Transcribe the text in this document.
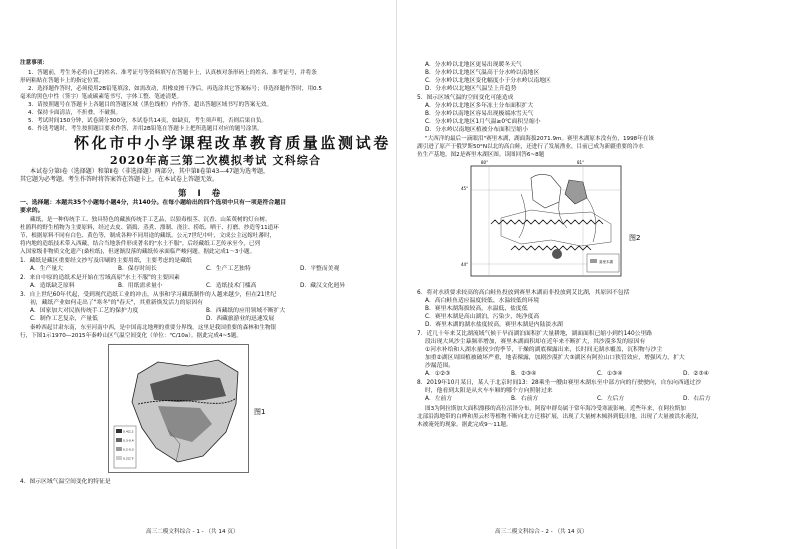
注意事项：
1．答题前，考生务必将自己的姓名、准考证号等资料填写在答题卡上，认真核对条形码上的姓名、准考证号，并将条
形码粘贴在答题卡上的指定位置。
2．选择题作答时，必须使用2B铅笔填涂，如需改动，用橡皮擦干净后，再选涂其它答案标号；非选择题作答时，用0.5
毫米的黑色中性（签字）笔或碳素笔书写，字体工整、笔迹清楚。
3．请按照题号在答题卡上各题目的答题区域（黑色线框）内作答，超出答题区域书写的答案无效。
4．保持卡面清洁，不折叠，不破损。
5．考试时间150分钟，试卷满分300分，本试卷共14页，如缺页，考生须声明，否则后果自负。
6．作选考题时，考生按照题目要求作答，并用2B铅笔在答题卡上把所选题目对应的题号涂黑。
怀化市中小学课程改革教育质量监测试卷
2020年高三第二次模拟考试 文科综合
本试卷分第Ⅰ卷（选择题）和第Ⅱ卷（非选择题）两部分，其中第Ⅱ卷第43—47题为选考题，
其它题为必考题。考生作答时将答案答在答题卡上，在本试卷上答题无效。
第 Ⅰ 卷
一、选择题：本题共35个小题每小题4分，共140分。在每小题给出的四个选项中只有一项是符合题目
要求的。
藏纸，是一种传统手工、独具特色的藏族传统手工艺品，以狼毒根茎、沉香、山茱萸树的灯台树、
杜鹃科的野生植物为主要原料，经过去皮、锅捣、蒸煮、漂制、浇注、捞纸、晒干、打磨、抄造等11道环
节，根据原料不同有白色、黄色等，制成各种不同用途的藏纸。公元7世纪中叶，文成公主远嫁吐蕃时，
将内地的造纸技术带入西藏，结合当地条件形成著名的"水土不服"。后经藏纸工艺传承至今，已列
入国家级非物质文化遗产(桑柱纸)，但逐渐没落的藏纸传承面临严峻问题。据此完成1～3小题。
1．藏纸是藏区重要经文抄写及印刷的主要用纸，主要考虑的是藏纸
A．生产量大	B．保存时间长	C．生产工艺独特	D．平整而美观
2．来自中原的造纸术是开始在雪域高原"水土不服"的主要因素
A．造纸缺乏原料	B．用纸需求量小	C．造纸技术门槛高	D．藏汉文化迥异
3．自上世纪60年代起，受到现代造纸工业的冲击，从事和学习藏纸制作的人越来越少，但在21世纪
初，藏纸产业如何走出了"寒冬"的"春天"，其重新焕发活力的原因有
A．国家加大对民族传统手工艺的保护力度	B．西藏纸的应用领域不断扩大
C．制作工艺复杂，产量低	D．西藏旅游业的迅速发展
秦岭西起甘肃东南，东至河南中西，是中国南北地理的重要分界线。这里是我国重要的森林和生物银
行，下图1示1970—2015年秦岭山区气温空间变化（单位：℃/10a）。据此完成4~5题。
0.4以上
0.3-0.4
0.2-0.3
0.2以下
图1
4．图示区域气温空间变化的特征是
高三二模文科综合 - 1 - （共 14 页）
A．分水岭以北地区更易出现暖冬天气
B．分水岭以北地区气温高于分水岭以南地区
C．分水岭以北地区变化幅度小于分水岭以南地区
D．分水岭以北地区气温呈上升趋势
5．图示区域气温的空间变化可能造成
A．分水岭以北地区多年冻土分布面积扩大
B．分水岭以南地区容易出现极端冰雪天气
C．分水岭以北地区1月气温≥0℃面积呈缩小
D．分水岭以南地区植被分布面积呈缩小
"大西洋的最后一滴眼泪"赛里木湖，湖面海拔2071.9m。赛里木湖原本没有鱼，1998年在该
湖引进了原产于俄罗斯50°N以北的高白鲑，还进行了发展渔业，目前已成为新疆重要的冷水
鱼生产基地。图2是赛里木湖区图。读图回答6~8题
80°	81°
45°
44°	赛里木湖
图2
6．将对水质要求较高的高白鲑鱼投放到赛里木湖而非投放到艾比湖，其原因不包括
A．高白鲑鱼适应温度较低、水温较低的环境
B．赛里木湖海拔较高，水温低、盐度低
C．赛里木湖是高山湖泊，污染少，纯净度高
D．赛里木湖的湖水盐度较高，赛里木湖是内陆淡水湖
7．近几十年来艾比湖流域气候干旱而湖泊面积扩大量耕地，湖面面积已缩小到约140公里路
段出现大风沙尘暴频率增加，赛里木湖面积却在近年来不断扩大，其沙漠多发的原因有
①河水补给和人湖水量较少的季节，干燥的湖底裸露出来，长时间无湖水覆盖，沉积物与沙尘
加重②湖区周围植被破坏严重，地表裸露，加剧沙漠扩大③湖区有阿拉山口狭管效应，增强风力，扩大
沙漏范围。
A．①②③	B．②③④	C．①③④	D．②③④
8．2019年10月某日，某人于北京时间13：28乘坐一艘由赛里木湖东至中部方向的行驶驶向，自东向西通过沙
时，他看到太阳是从火车车厢的哪个方向照射过来
A．左前方	B．右前方	C．左后方	D．右后方
图3为阿拉斯加大面积漂移的高位沼泽分布，阿留申群岛属于常年海冷受寒流影响。近些年来，在阿拉斯加
北部沿海地带的白桦和黑云杉等植物不断向北方迁移扩展，出现了大量树木倾斜到低洼地，出现了大量被洪水淹没，
木被淹死的现象。据此完成9～11题。
高三二模文科综合 - 2 - （共 14 页）
